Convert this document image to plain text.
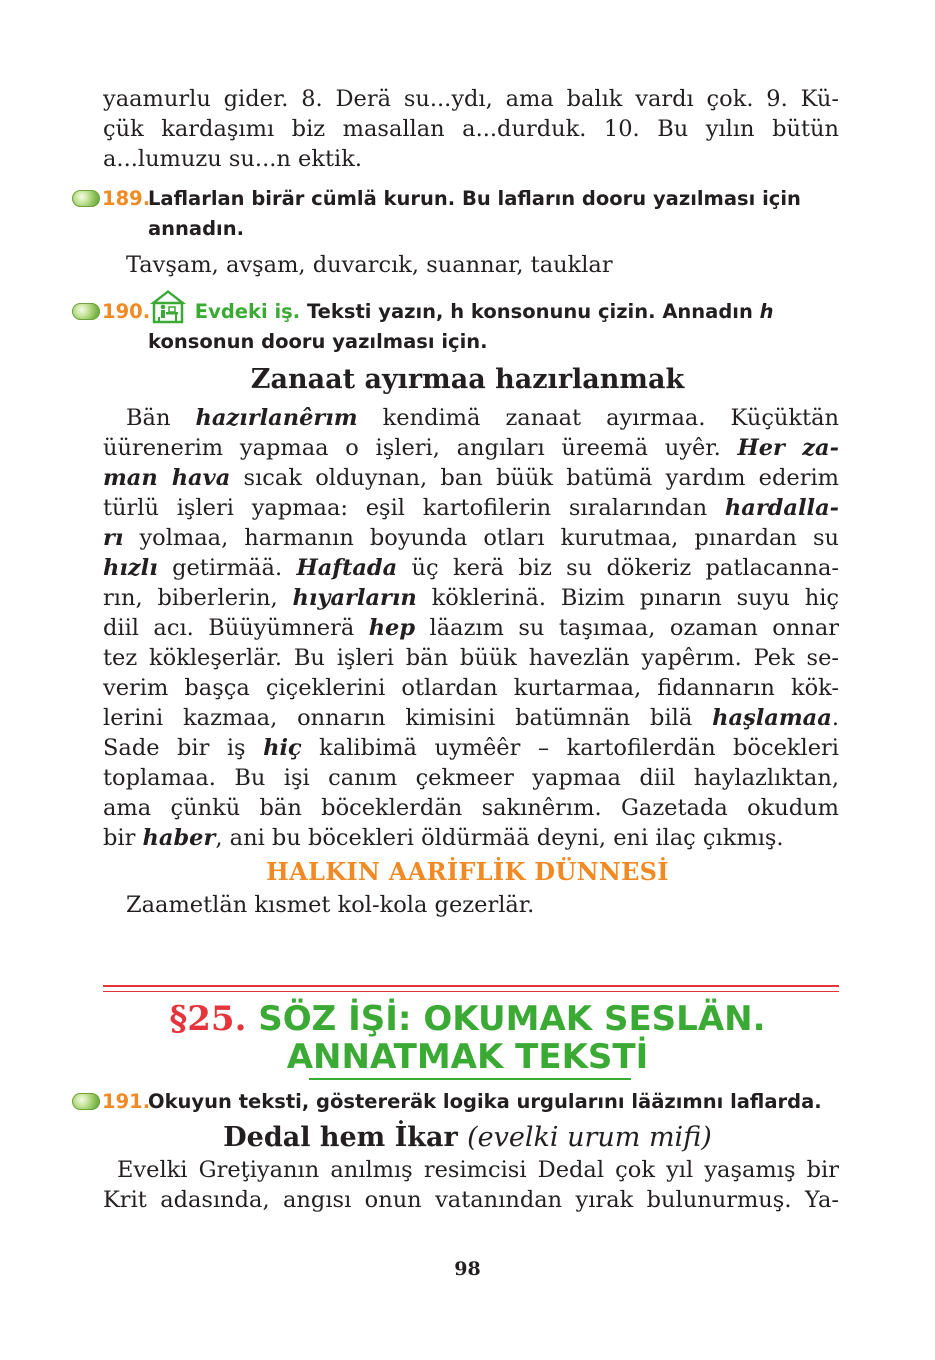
yaamurlu gider. 8. Derä su...ydı, ama balık vardı çok. 9. Kü-
çük kardaşımı biz masallan a...durduk. 10. Bu yılın bütün
a...lumuzu su...n ektik.
189.
Laflarlan birär cümlä kurun. Bu lafların dooru yazılması için
annadın.
Tavşam, avşam, duvarcık, suannar, tauklar
190.	Evdeki iş. Teksti yazın, h konsonunu çizin. Annadın h
konsonun dooru yazılması için.
Zanaat ayırmaa hazırlanmak
Bän hazırlanêrım kendimä zanaat ayırmaa. Küçüktän
üürenerim yapmaa o işleri, angıları üreemä uyêr. Her za-
man hava sıcak olduynan, ban büük batümä yardım ederim
türlü işleri yapmaa: eşil kartofilerin sıralarından hardalla-
rı yolmaa, harmanın boyunda otları kurutmaa, pınardan su
hızlı getirmää. Haftada üç kerä biz su dökeriz patlacanna-
rın, biberlerin, hıyarların köklerinä. Bizim pınarın suyu hiç
diil acı. Büüyümnerä hep läazım su taşımaa, ozaman onnar
tez kökleşerlär. Bu işleri bän büük havezlän yapêrım. Pek se-
verim başça çiçeklerini otlardan kurtarmaa, fidannarın kök-
lerini kazmaa, onnarın kimisini batümnän bilä haşlamaa.
Sade bir iş hiç kalibimä uymêêr – kartofilerdän böcekleri
toplamaa. Bu işi canım çekmeer yapmaa diil haylazlıktan,
ama çünkü bän böceklerdän sakınêrım. Gazetada okudum
bir haber, ani bu böcekleri öldürmää deyni, eni ilaç çıkmış.
HALKIN AARİFLİK DÜNNESİ
Zaametlän kısmet kol-kola gezerlär.
§25. SÖZ İŞİ: OKUMAK SESLÄN.
ANNATMAK TEKSTİ
191.
Okuyun teksti, göstereräk logika urgularını lääzımnı laflarda.
Dedal hem İkar (evelki urum mifi)
Evelki Greţiyanın anılmış resimcisi Dedal çok yıl yaşamış bir
Krit adasında, angısı onun vatanından yırak bulunurmuş. Ya-
98
